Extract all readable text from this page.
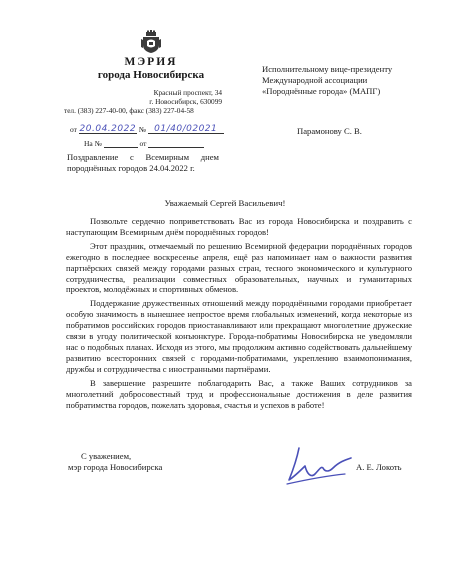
МЭРИЯ
города Новосибирска
Красный проспект, 34
г. Новосибирск, 630099
тел. (383) 227-40-00, факс (383) 227-04-58
от 20.04.2022 № 01/40/02021
На №	от
Исполнительному вице-президенту
Международной ассоциации
«Породнённые города» (МАПГ)
Парамонову С. В.
Поздравление с Всемирным днем породнённых городов 24.04.2022 г.
Уважаемый Сергей Васильевич!

Позвольте сердечно поприветствовать Вас из города Новосибирска и поздравить с наступающим Всемирным днём породнённых городов!

Этот праздник, отмечаемый по решению Всемирной федерации породнённых городов ежегодно в последнее воскресенье апреля, ещё раз напоминает нам о важности развития партнёрских связей между городами разных стран, тесного экономического и культурного сотрудничества, реализации совместных образовательных, научных и гуманитарных проектов, молодёжных и спортивных обменов.

Поддержание дружественных отношений между породнёнными городами приобретает особую значимость в нынешнее непростое время глобальных изменений, когда некоторые из побратимов российских городов приостанавливают или прекращают многолетние дружеские связи в угоду политической конъюнктуре. Города-побратимы Новосибирска не уведомляли нас о подобных планах. Исходя из этого, мы продолжим активно содействовать дальнейшему развитию всесторонних связей с городами-побратимами, укреплению взаимопонимания, дружбы и сотрудничества с иностранными партнёрами.

В завершение разрешите поблагодарить Вас, а также Ваших сотрудников за многолетний добросовестный труд и профессиональные достижения в деле развития побратимства городов, пожелать здоровья, счастья и успехов в работе!

С уважением,
мэр города Новосибирска	А. Е. Локоть
